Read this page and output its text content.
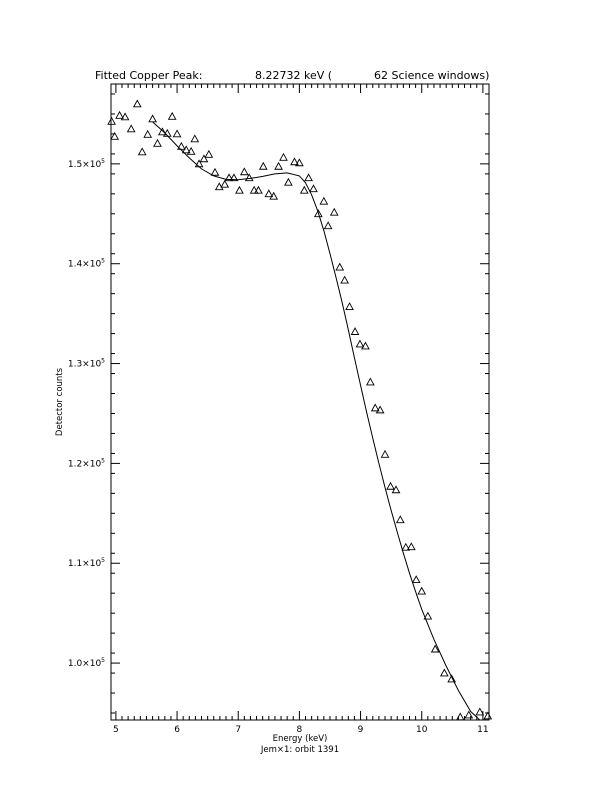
Fitted Copper Peak:	8.22732 keV (	62 Science windows)
5	6	7	8	9	10	11
$1.0\times 10^5$
$1.1\times 10^5$
$1.2\times 10^5$
$1.3\times 10^5$
$1.4\times 10^5$
$1.5\times 10^5$
Energy (keV)
Jem×1: orbit 1391
Detector counts
